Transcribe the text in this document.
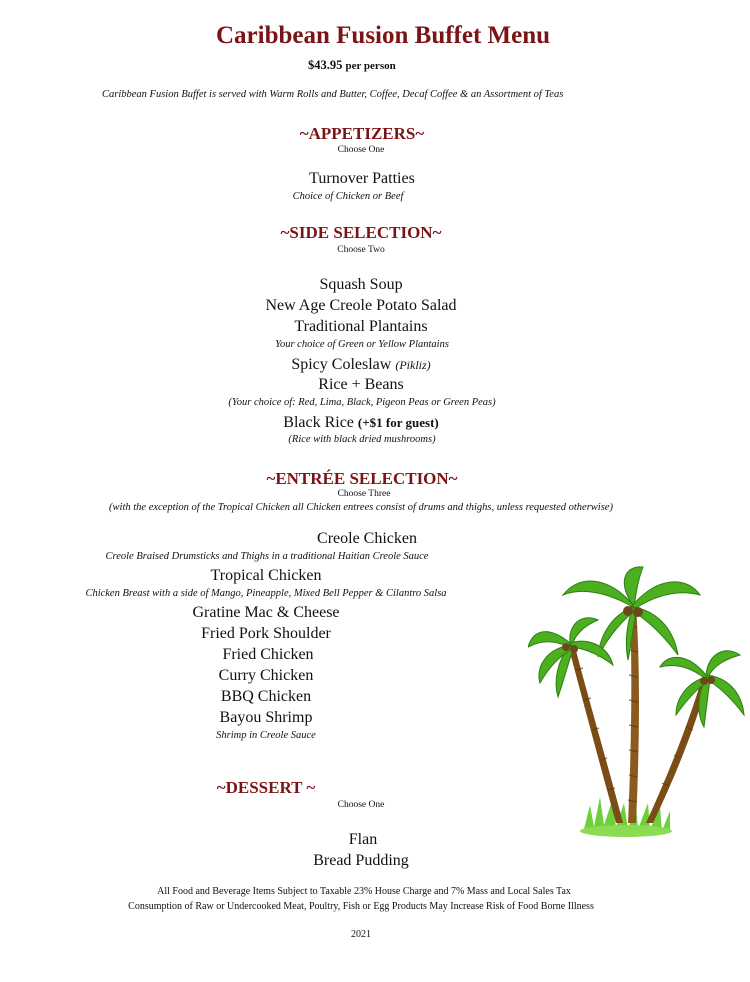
Caribbean Fusion Buffet Menu
$43.95 per person
Caribbean Fusion Buffet is served with Warm Rolls and Butter, Coffee, Decaf Coffee & an Assortment of Teas
~APPETIZERS~
Choose One
Turnover Patties
Choice of Chicken or Beef
~SIDE SELECTION~
Choose Two
Squash Soup
New Age Creole Potato Salad
Traditional Plantains
Your choice of Green or Yellow Plantains
Spicy Coleslaw (Pikliz)
Rice + Beans
(Your choice of: Red, Lima, Black, Pigeon Peas or Green Peas)
Black Rice (+$1 for guest)
(Rice with black dried mushrooms)
~ENTRÉE SELECTION~
Choose Three
(with the exception of the Tropical Chicken all Chicken entrees consist of drums and thighs, unless requested otherwise)
Creole Chicken
Creole Braised Drumsticks and Thighs in a traditional Haitian Creole Sauce
Tropical Chicken
Chicken Breast with a side of Mango, Pineapple, Mixed Bell Pepper & Cilantro Salsa
Gratine Mac & Cheese
Fried Pork Shoulder
Fried Chicken
Curry Chicken
BBQ Chicken
Bayou Shrimp
Shrimp in Creole Sauce
~DESSERT ~
Choose One
Flan
Bread Pudding
All Food and Beverage Items Subject to Taxable 23% House Charge and 7% Mass and Local Sales Tax
Consumption of Raw or Undercooked Meat, Poultry, Fish or Egg Products May Increase Risk of Food Borne Illness
2021
